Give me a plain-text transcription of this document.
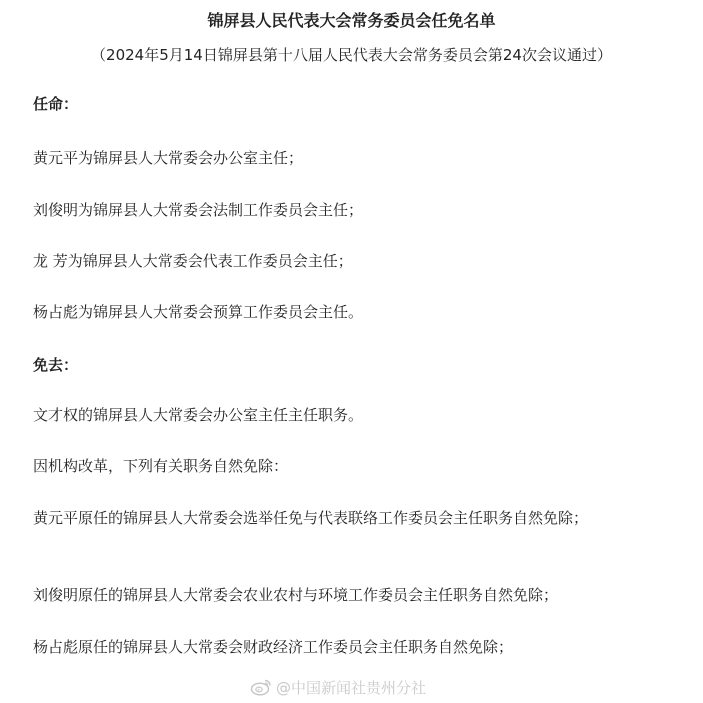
锦屏县人民代表大会常务委员会任免名单
（2024年5月14日锦屏县第十八届人民代表大会常务委员会第24次会议通过）
任命：
黄元平为锦屏县人大常委会办公室主任；
刘俊明为锦屏县人大常委会法制工作委员会主任；
龙 芳为锦屏县人大常委会代表工作委员会主任；
杨占彪为锦屏县人大常委会预算工作委员会主任。
免去：
文才权的锦屏县人大常委会办公室主任主任职务。
因机构改革，下列有关职务自然免除：
黄元平原任的锦屏县人大常委会选举任免与代表联络工作委员会主任职务自然免除；
刘俊明原任的锦屏县人大常委会农业农村与环境工作委员会主任职务自然免除；
杨占彪原任的锦屏县人大常委会财政经济工作委员会主任职务自然免除；
@中国新闻社贵州分社
